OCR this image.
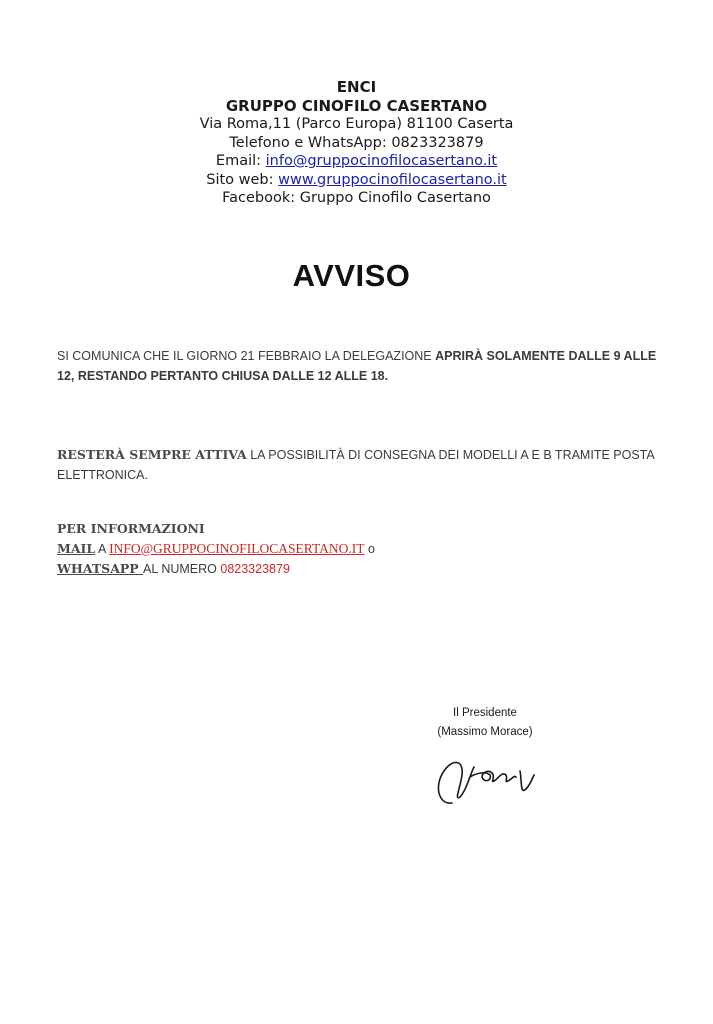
ENCI
GRUPPO CINOFILO CASERTANO
Via Roma,11 (Parco Europa) 81100 Caserta
Telefono e WhatsApp: 0823323879
Email: info@gruppocinofilocasertano.it
Sito web: www.gruppocinofilocasertano.it
Facebook: Gruppo Cinofilo Casertano
AVVISO
SI COMUNICA CHE IL GIORNO 21 FEBBRAIO LA DELEGAZIONE APRIRÀ SOLAMENTE DALLE 9 ALLE 12, RESTANDO PERTANTO CHIUSA DALLE 12 ALLE 18.
RESTERÀ SEMPRE ATTIVA LA POSSIBILITÀ DI CONSEGNA DEI MODELLI A E B TRAMITE POSTA ELETTRONICA.
PER INFORMAZIONI
MAIL A INFO@GRUPPOCINOFILOCASERTANO.IT o
WHATSAPP AL NUMERO 0823323879
Il Presidente
(Massimo Morace)
